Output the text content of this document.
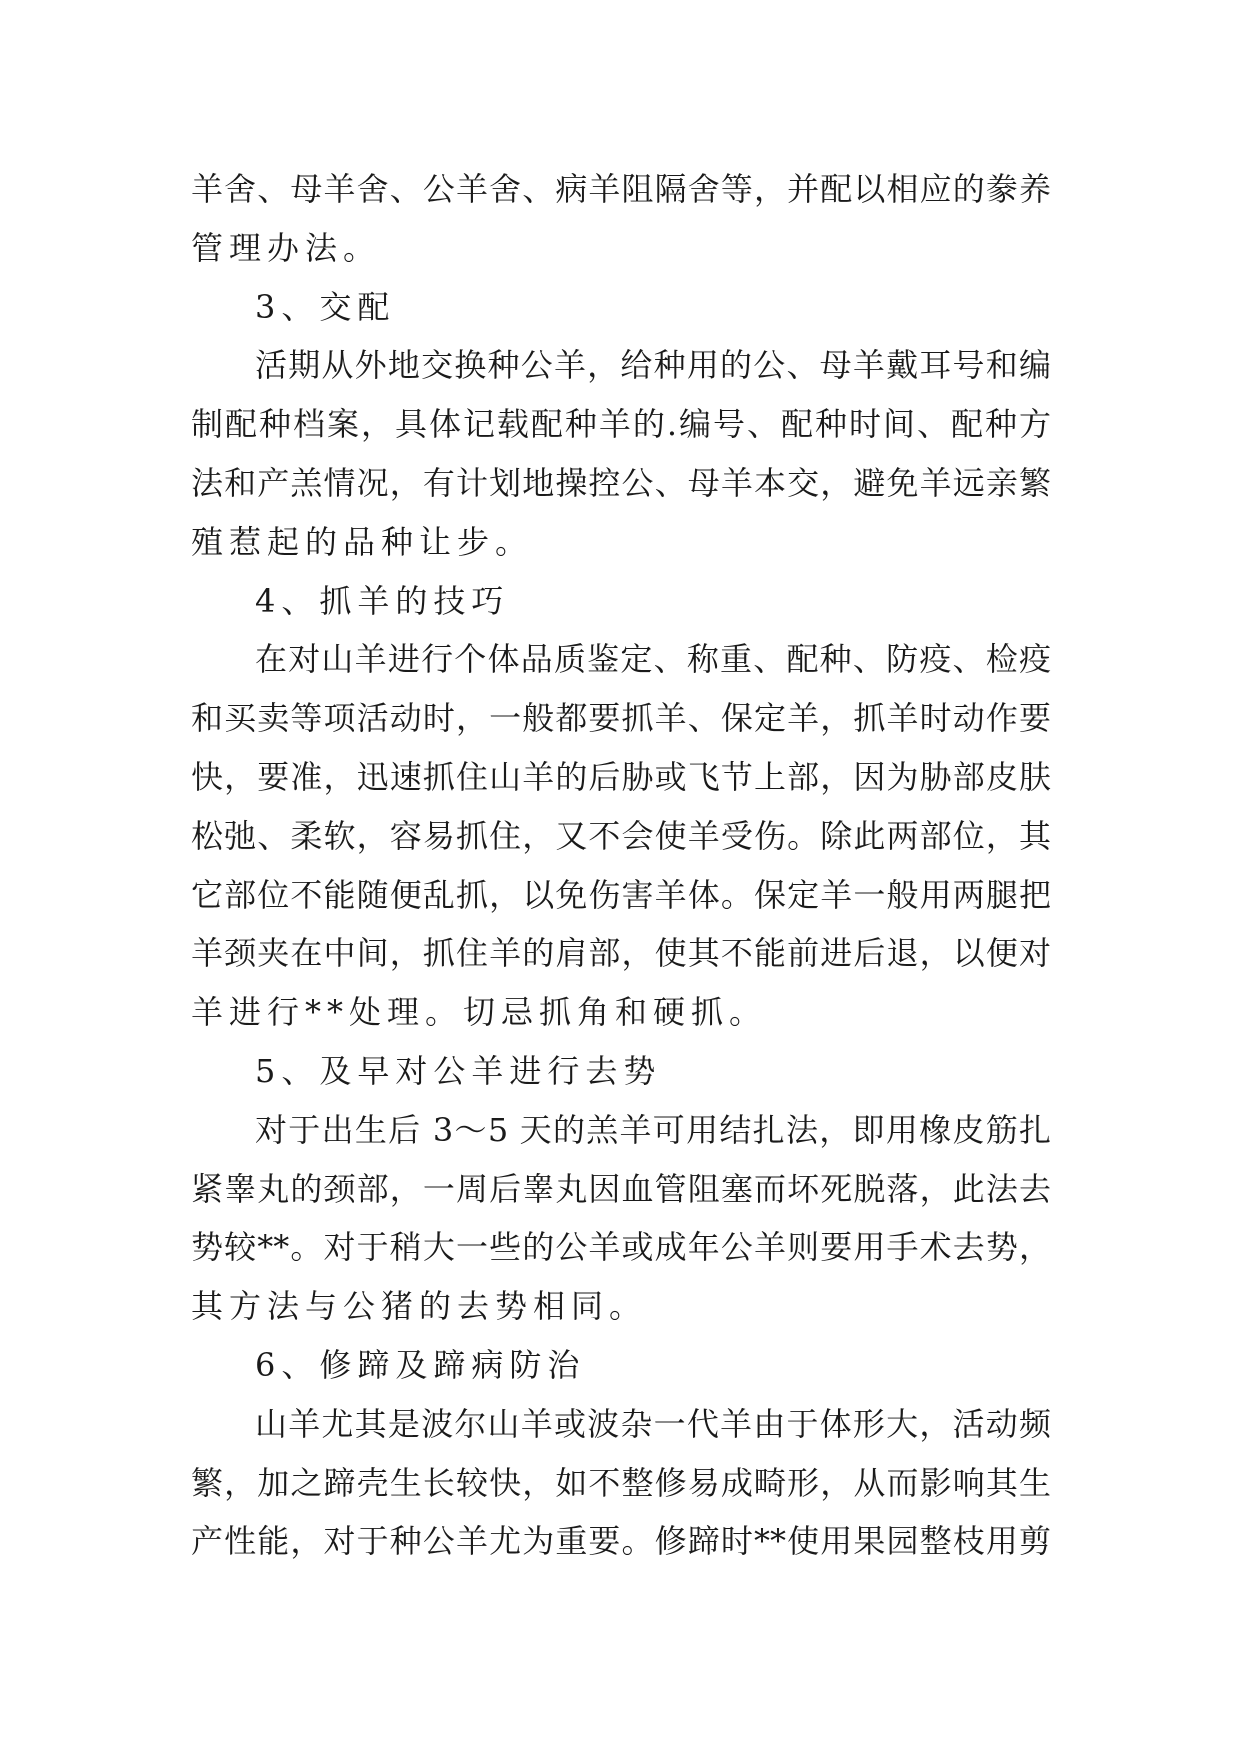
羊舍、母羊舍、公羊舍、病羊阻隔舍等，并配以相应的豢养
管理办法。
3、交配
活期从外地交换种公羊，给种用的公、母羊戴耳号和编
制配种档案，具体记载配种羊的.编号、配种时间、配种方
法和产羔情况，有计划地操控公、母羊本交，避免羊远亲繁
殖惹起的品种让步。
4、抓羊的技巧
在对山羊进行个体品质鉴定、称重、配种、防疫、检疫
和买卖等项活动时，一般都要抓羊、保定羊，抓羊时动作要
快，要准，迅速抓住山羊的后胁或飞节上部，因为胁部皮肤
松弛、柔软，容易抓住，又不会使羊受伤。除此两部位，其
它部位不能随便乱抓，以免伤害羊体。保定羊一般用两腿把
羊颈夹在中间，抓住羊的肩部，使其不能前进后退，以便对
羊进行**处理。切忌抓角和硬抓。
5、及早对公羊进行去势
对于出生后 3～5 天的羔羊可用结扎法，即用橡皮筋扎
紧睾丸的颈部，一周后睾丸因血管阻塞而坏死脱落，此法去
势较**。对于稍大一些的公羊或成年公羊则要用手术去势，
其方法与公猪的去势相同。
6、修蹄及蹄病防治
山羊尤其是波尔山羊或波杂一代羊由于体形大，活动频
繁，加之蹄壳生长较快，如不整修易成畸形，从而影响其生
产性能，对于种公羊尤为重要。修蹄时**使用果园整枝用剪
